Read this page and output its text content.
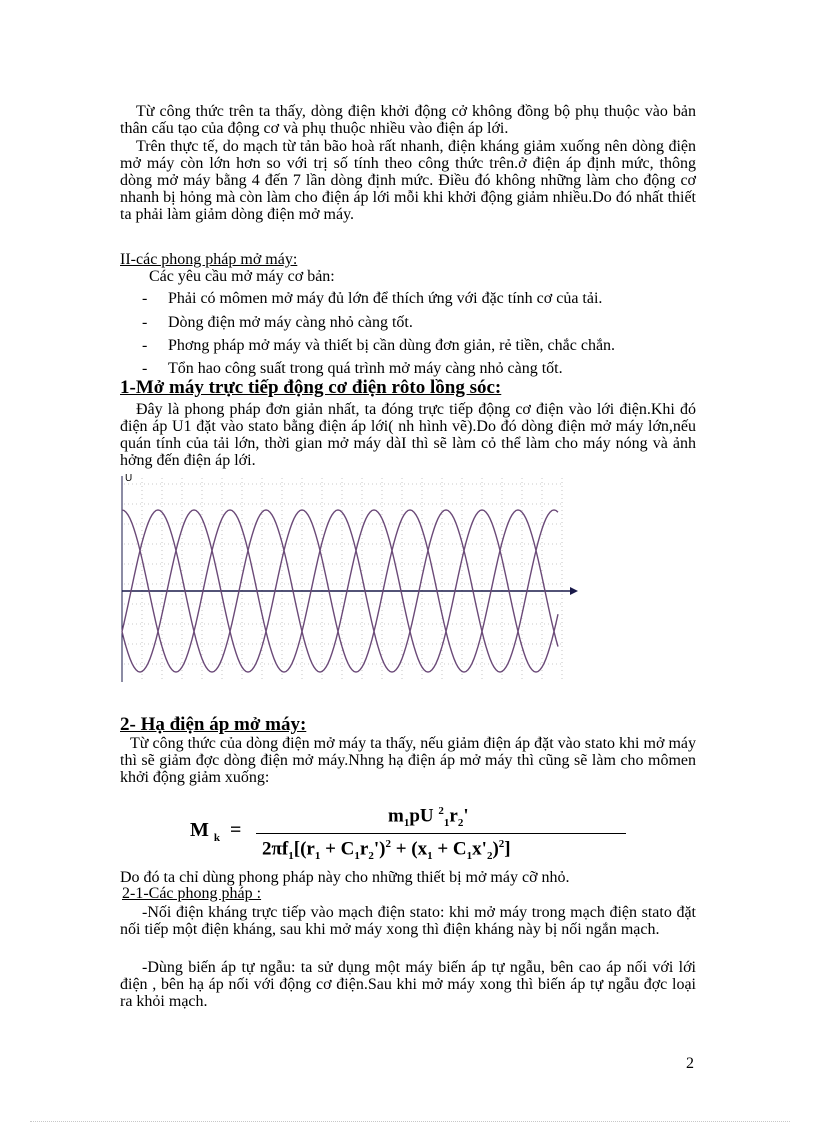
Từ công thức trên ta thấy, dòng điện khởi động cở không đồng bộ phụ thuộc vào bản thân cấu tạo của động cơ và phụ thuộc nhiều vào điện áp lới.
Trên thực tế, do mạch từ tản bão hoà rất nhanh, điện kháng giảm xuống nên dòng điện mở máy còn lớn hơn so với trị số tính theo công thức trên.ở điện áp định mức, thông dòng mở máy bằng 4 đến 7 lần dòng định mức. Điều đó không những làm cho động cơ nhanh bị hỏng mà còn làm cho điện áp lới mỗi khi khởi động giảm nhiều.Do đó nhất thiết ta phải làm giảm dòng điện mở máy.
II-các phong pháp mở máy:
Các yêu cầu mở máy cơ bản:
- Phải có mômen mở máy đủ lớn để thích ứng với đặc tính cơ của tải.
- Dòng điện mở máy càng nhỏ càng tốt.
- Phơng pháp mở máy và thiết bị cần dùng đơn giản, rẻ tiền, chắc chắn.
- Tổn hao công suất trong quá trình mở máy càng nhỏ càng tốt.
1-Mở máy trực tiếp động cơ điện rôto lồng sóc:
Đây là phong pháp đơn giản nhất, ta đóng trực tiếp động cơ điện vào lới điện.Khi đó điện áp U1 đặt vào stato bằng điện áp lới( nh hình vẽ).Do đó dòng điện mở máy lớn,nếu quán tính của tải lớn, thời gian mở máy dàI thì sẽ làm cỏ thể làm cho máy nóng và ảnh hởng đến điện áp lới.
U
2- Hạ điện áp mở máy:
Từ công thức của dòng điện mở máy ta thấy, nếu giảm điện áp đặt vào stato khi mở máy thì sẽ giảm đợc dòng điện mở máy.Nhng hạ điện áp mở máy thì cũng sẽ làm cho mômen khởi động giảm xuống:
M $_k$ =
$m_1pU$ $^2_1r_2'$
$2\pi f_1[(r_1 + C_1r_2')^2 + (x_1 + C_1x'_2)^2]$
Do đó ta chỉ dùng phong pháp này cho những thiết bị mở máy cỡ nhỏ.
2-1-Các phong pháp :
-Nối điện kháng trực tiếp vào mạch điện stato: khi mở máy trong mạch điện stato đặt nối tiếp một điện kháng, sau khi mở máy xong thì điện kháng này bị nối ngắn mạch.
-Dùng biến áp tự ngẫu: ta sử dụng một máy biến áp tự ngẫu, bên cao áp nối với lới điện , bên hạ áp nối với động cơ điện.Sau khi mở máy xong thì biến áp tự ngẫu đợc loại ra khỏi mạch.
2
